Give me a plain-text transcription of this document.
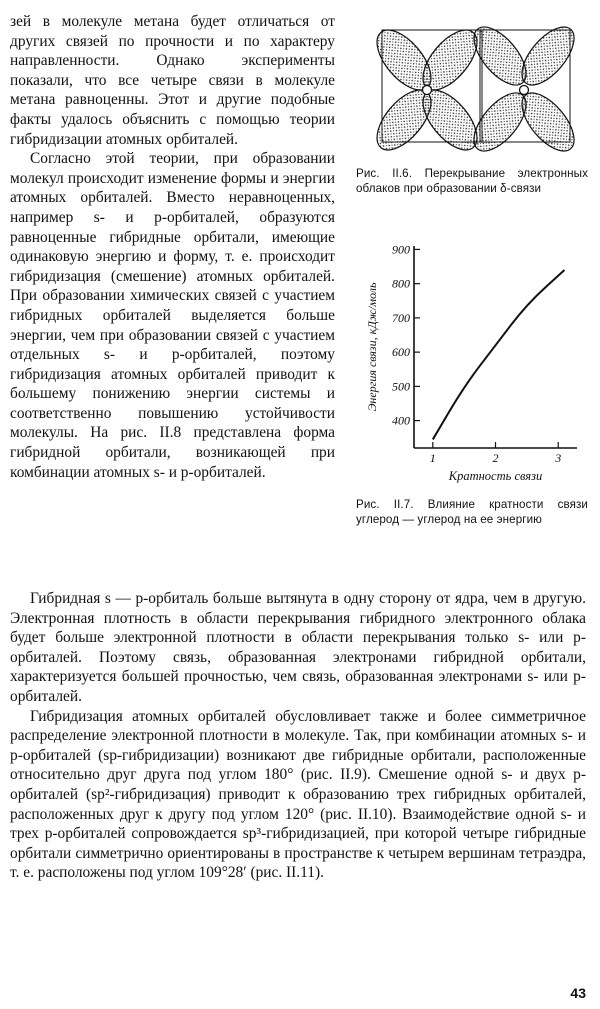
зей в молекуле метана будет отличаться от других связей по прочности и по характеру направленности. Однако эксперименты показали, что все четыре связи в молекуле метана равноценны. Этот и другие подобные факты удалось объяснить с помощью теории гибридизации атомных орбиталей.

Согласно этой теории, при образовании молекул происходит изменение формы и энергии атомных орбиталей. Вместо неравноценных, например s- и p-орбиталей, образуются равноценные гибридные орбитали, имеющие одинаковую энергию и форму, т. е. происходит гибридизация (смешение) атомных орбиталей. При образовании химических связей с участием гибридных орбиталей выделяется больше энергии, чем при образовании связей с участием отдельных s- и p-орбиталей, поэтому гибридизация атомных орбиталей приводит к большему понижению энергии системы и соответственно повышению устойчивости молекулы. На рис. II.8 представлена форма гибридной орбитали, возникающей при комбинации атомных s- и p-орбиталей.

Рис. II.6. Перекрывание электронных облаков при образовании δ-связи
400
500
600
700
800
900
1	2	3
Энергия связи, кДж/моль
Кратность связи
Рис. II.7. Влияние кратности связи углерод — углерод на ее энергию

Гибридная s — p-орбиталь больше вытянута в одну сторону от ядра, чем в другую. Электронная плотность в области перекрывания гибридного электронного облака будет больше электронной плотности в области перекрывания только s- или p-орбиталей. Поэтому связь, образованная электронами гибридной орбитали, характеризуется большей прочностью, чем связь, образованная электронами s- или p-орбиталей.

Гибридизация атомных орбиталей обусловливает также и более симметричное распределение электронной плотности в молекуле. Так, при комбинации атомных s- и p-орбиталей (sp-гибридизации) возникают две гибридные орбитали, расположенные относительно друг друга под углом 180° (рис. II.9). Смешение одной s- и двух p-орбиталей (sp²-гибридизация) приводит к образованию трех гибридных орбиталей, расположенных друг к другу под углом 120° (рис. II.10). Взаимодействие одной s- и трех p-орбиталей сопровождается sp³-гибридизацией, при которой четыре гибридные орбитали симметрично ориентированы в пространстве к четырем вершинам тетраэдра, т. е. расположены под углом 109°28′ (рис. II.11).

43
